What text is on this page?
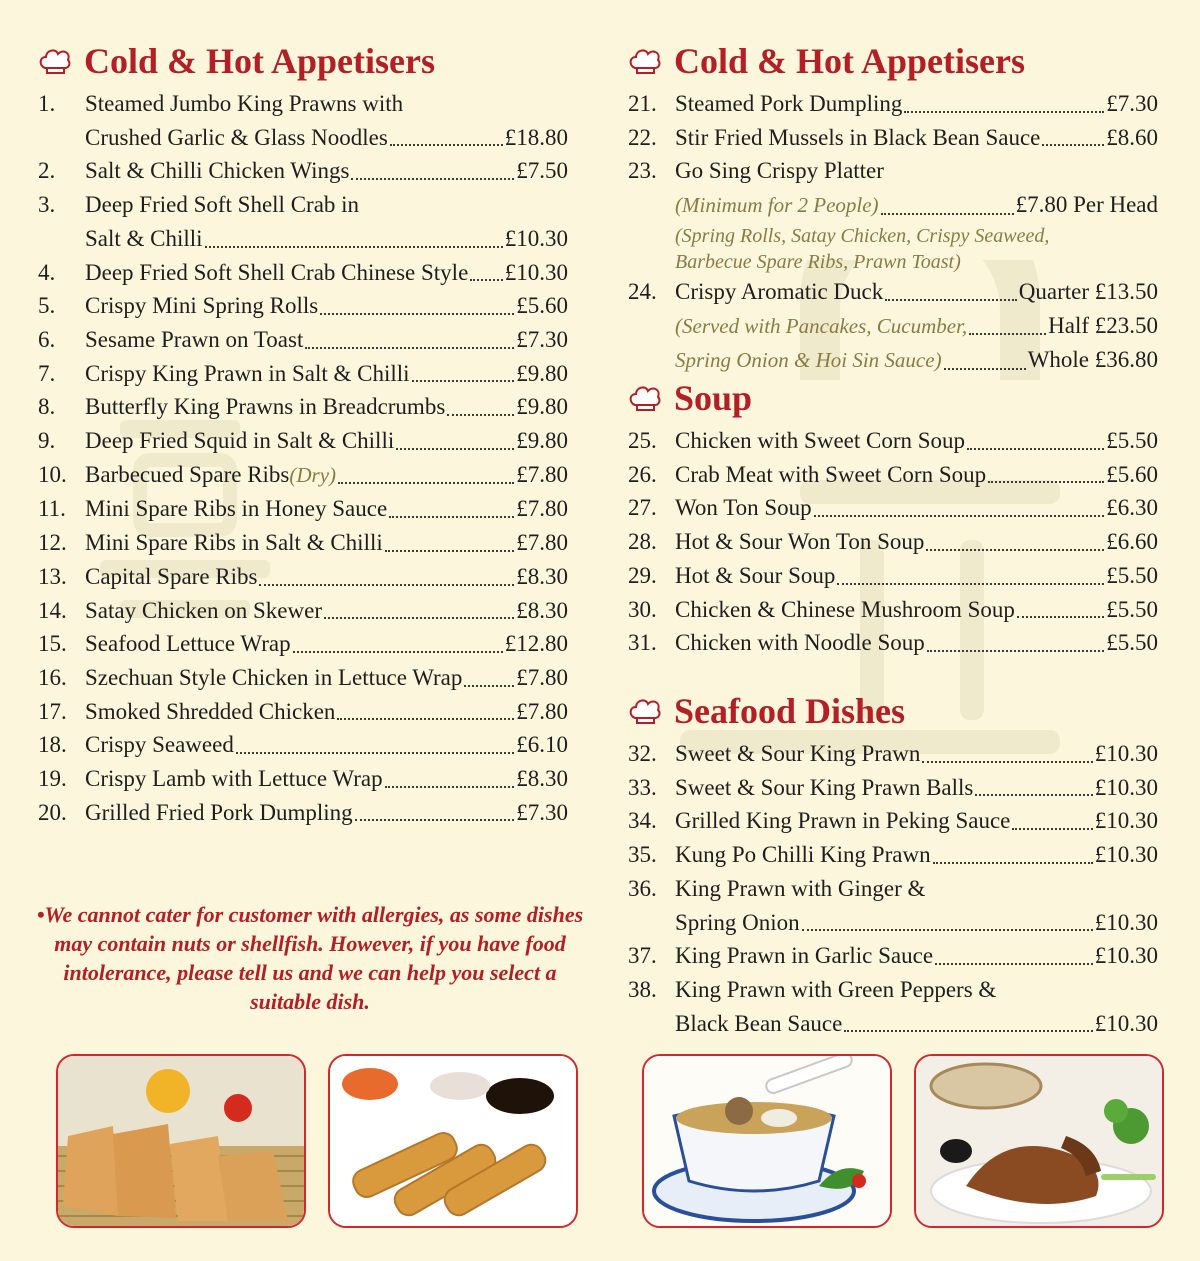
Cold & Hot Appetisers
1.	Steamed Jumbo King Prawns with
Crushed Garlic & Glass Noodles	£18.80
2.	Salt & Chilli Chicken Wings	£7.50
3.	Deep Fried Soft Shell Crab in
Salt & Chilli	£10.30
4.	Deep Fried Soft Shell Crab Chinese Style £10.30
5.	Crispy Mini Spring Rolls	£5.60
6.	Sesame Prawn on Toast	£7.30
7.	Crispy King Prawn in Salt & Chilli	£9.80
8.	Butterfly King Prawns in Breadcrumbs	£9.80
9.	Deep Fried Squid in Salt & Chilli	£9.80
10. Barbecued Spare Ribs (Dry)	£7.80
11. Mini Spare Ribs in Honey Sauce	£7.80
12. Mini Spare Ribs in Salt & Chilli	£7.80
13. Capital Spare Ribs	£8.30
14. Satay Chicken on Skewer	£8.30
15. Seafood Lettuce Wrap	£12.80
16. Szechuan Style Chicken in Lettuce Wrap £7.80
17. Smoked Shredded Chicken	£7.80
18. Crispy Seaweed	£6.10
19. Crispy Lamb with Lettuce Wrap	£8.30
20. Grilled Fried Pork Dumpling	£7.30
•We cannot cater for customer with allergies, as some dishes may contain nuts or shellfish. However, if you have food intolerance, please tell us and we can help you select a suitable dish.
Cold & Hot Appetisers
21. Steamed Pork Dumpling	£7.30
22. Stir Fried Mussels in Black Bean Sauce	£8.60
23. Go Sing Crispy Platter
(Minimum for 2 People)	£7.80 Per Head
(Spring Rolls, Satay Chicken, Crispy Seaweed,
Barbecue Spare Ribs, Prawn Toast)
24. Crispy Aromatic Duck	Quarter £13.50
(Served with Pancakes, Cucumber,	Half £23.50
Spring Onion & Hoi Sin Sauce)	Whole £36.80
Soup
25. Chicken with Sweet Corn Soup	£5.50
26. Crab Meat with Sweet Corn Soup	£5.60
27. Won Ton Soup	£6.30
28. Hot & Sour Won Ton Soup	£6.60
29. Hot & Sour Soup	£5.50
30. Chicken & Chinese Mushroom Soup	£5.50
31. Chicken with Noodle Soup	£5.50
Seafood Dishes
32. Sweet & Sour King Prawn	£10.30
33. Sweet & Sour King Prawn Balls	£10.30
34. Grilled King Prawn in Peking Sauce	£10.30
35. Kung Po Chilli King Prawn	£10.30
36. King Prawn with Ginger &
Spring Onion	£10.30
37. King Prawn in Garlic Sauce	£10.30
38. King Prawn with Green Peppers &
Black Bean Sauce	£10.30
